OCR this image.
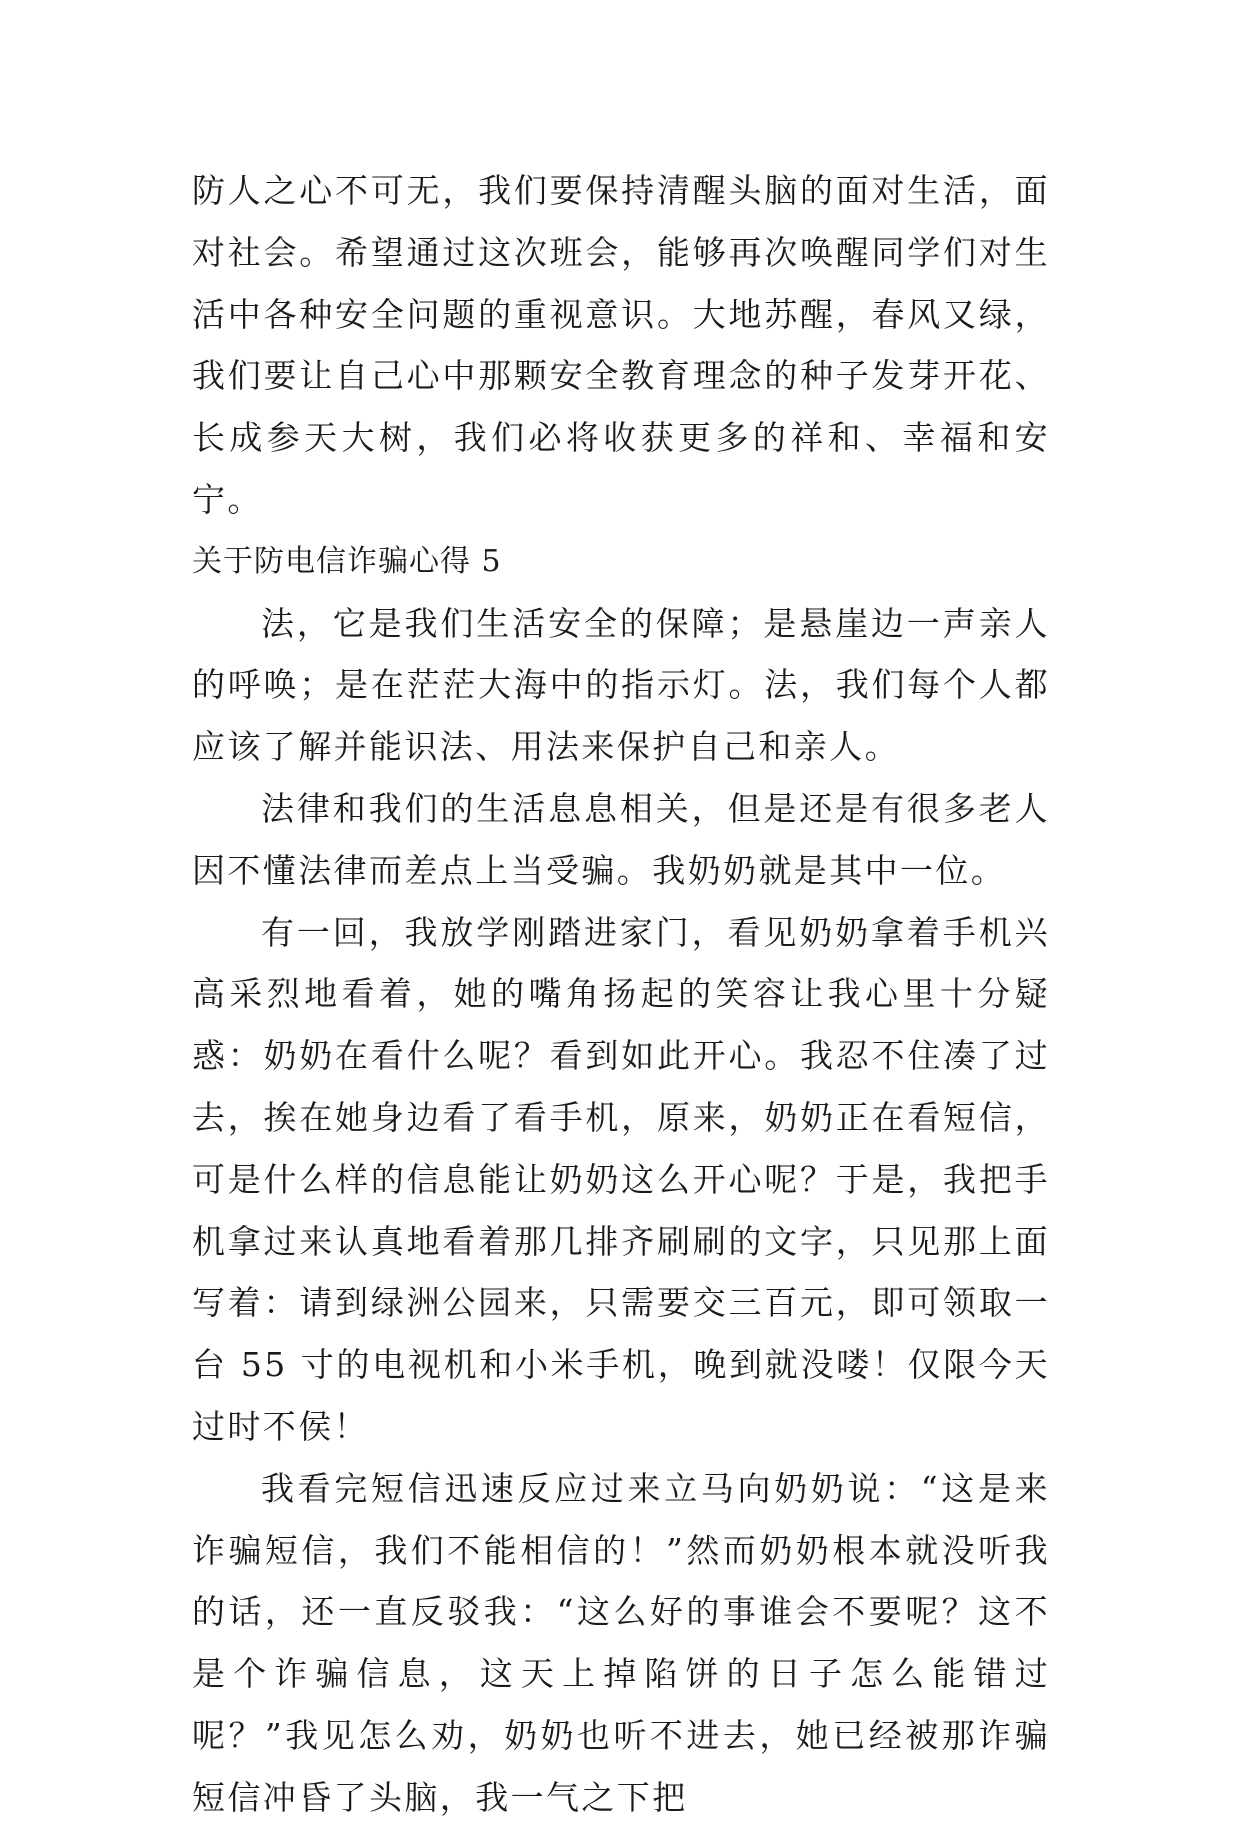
防人之心不可无，我们要保持清醒头脑的面对生活，面对社会。希望通过这次班会，能够再次唤醒同学们对生活中各种安全问题的重视意识。大地苏醒，春风又绿，我们要让自己心中那颗安全教育理念的种子发芽开花、长成参天大树，我们必将收获更多的祥和、幸福和安宁。

关于防电信诈骗心得 5

法，它是我们生活安全的保障；是悬崖边一声亲人的呼唤；是在茫茫大海中的指示灯。法，我们每个人都应该了解并能识法、用法来保护自己和亲人。

法律和我们的生活息息相关，但是还是有很多老人因不懂法律而差点上当受骗。我奶奶就是其中一位。

有一回，我放学刚踏进家门，看见奶奶拿着手机兴高采烈地看着，她的嘴角扬起的笑容让我心里十分疑惑：奶奶在看什么呢？看到如此开心。我忍不住凑了过去，挨在她身边看了看手机，原来，奶奶正在看短信，可是什么样的信息能让奶奶这么开心呢？于是，我把手机拿过来认真地看着那几排齐刷刷的文字，只见那上面写着：请到绿洲公园来，只需要交三百元，即可领取一台 55 寸的电视机和小米手机，晚到就没喽！仅限今天过时不侯！

我看完短信迅速反应过来立马向奶奶说：“这是来诈骗短信，我们不能相信的！”然而奶奶根本就没听我的话，还一直反驳我：“这么好的事谁会不要呢？这不是个诈骗信息，这天上掉陷饼的日子怎么能错过呢？”我见怎么劝，奶奶也听不进去，她已经被那诈骗短信冲昏了头脑，我一气之下把
